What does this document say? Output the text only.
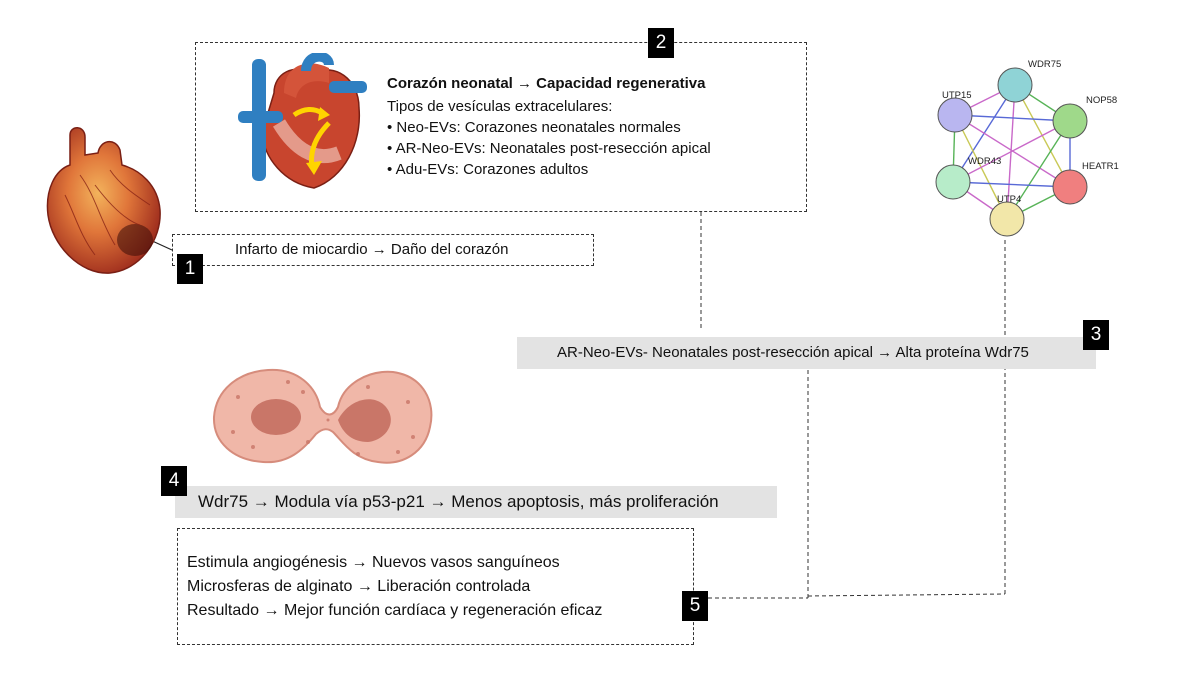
Infarto de miocardio → Daño del corazón
1
Corazón neonatal → Capacidad regenerativa
Tipos de vesículas extracelulares:
• Neo-EVs: Corazones neonatales normales
• AR-Neo-EVs: Neonatales post-resección apical
• Adu-EVs: Corazones adultos
2
WDR75
UTP15	NOP58
WDR43	HEATR1
UTP4
AR-Neo-EVs- Neonatales post-resección apical → Alta proteína Wdr75
3
Wdr75 → Modula vía p53-p21 → Menos apoptosis, más proliferación
4
Estimula angiogénesis → Nuevos vasos sanguíneos
Microsferas de alginato → Liberación controlada
Resultado → Mejor función cardíaca y regeneración eficaz	5
